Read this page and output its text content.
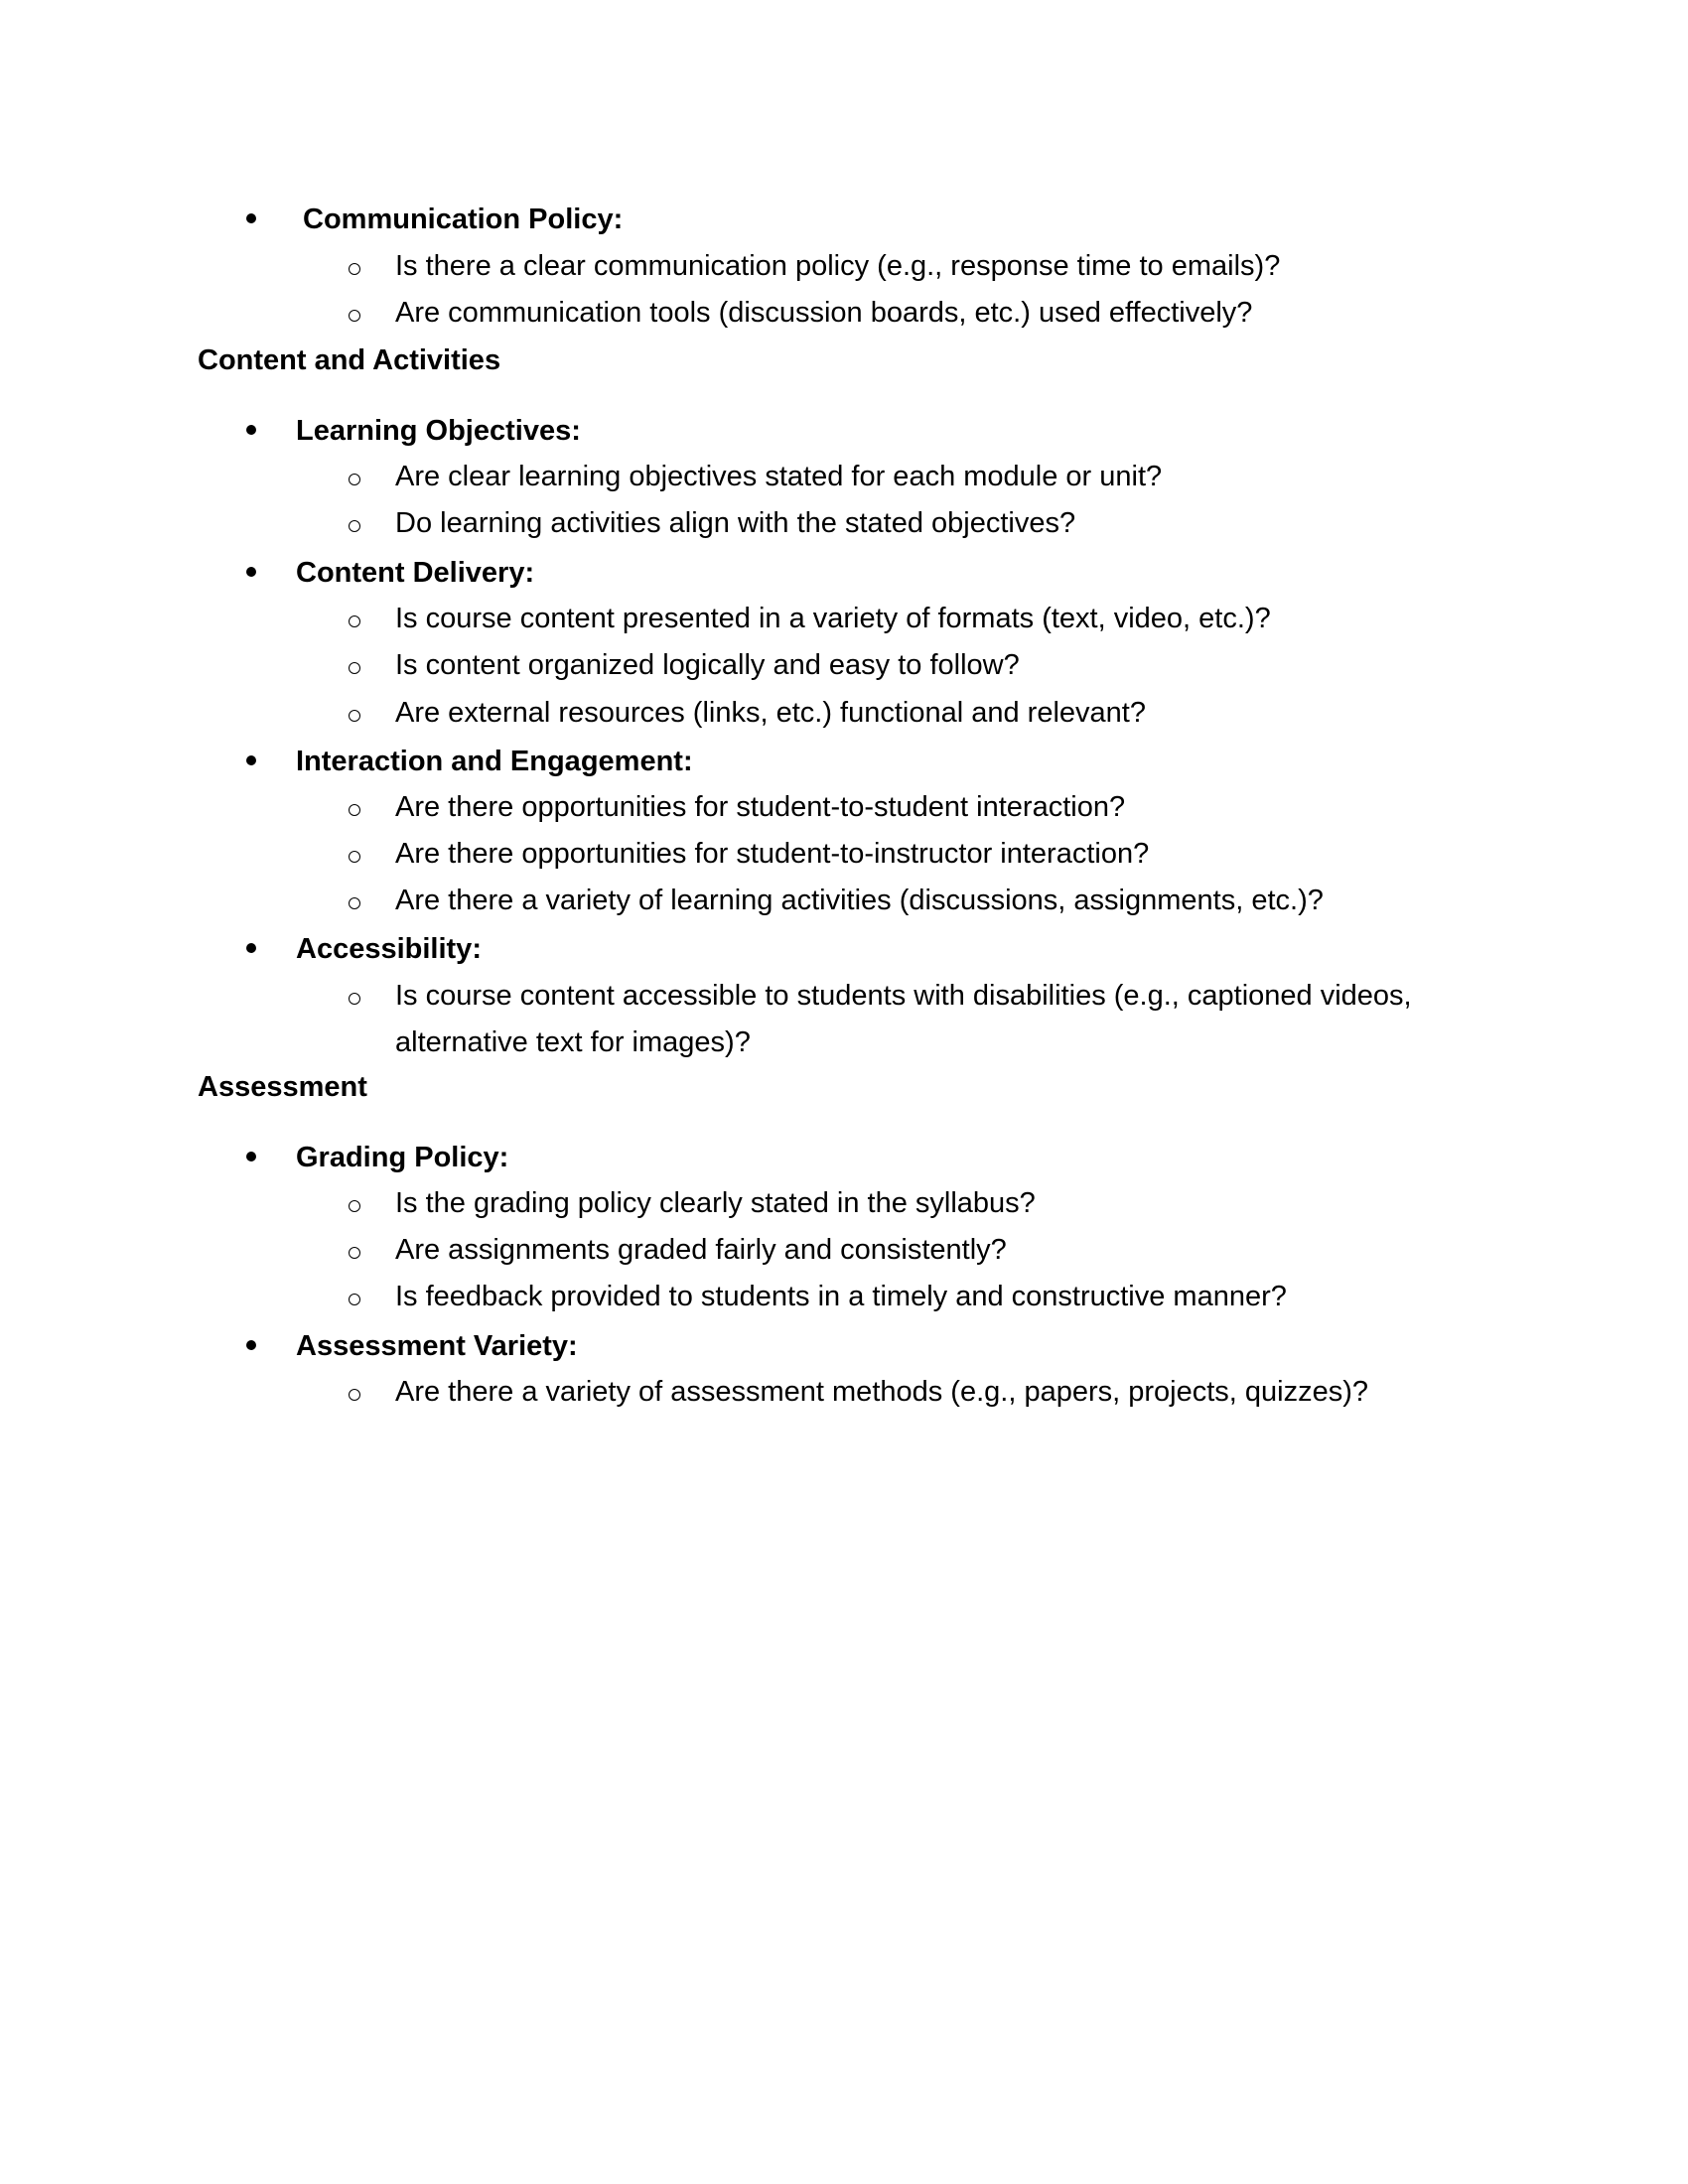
Communication Policy:
Is there a clear communication policy (e.g., response time to emails)?
Are communication tools (discussion boards, etc.) used effectively?
Content and Activities
Learning Objectives:
Are clear learning objectives stated for each module or unit?
Do learning activities align with the stated objectives?
Content Delivery:
Is course content presented in a variety of formats (text, video, etc.)?
Is content organized logically and easy to follow?
Are external resources (links, etc.) functional and relevant?
Interaction and Engagement:
Are there opportunities for student-to-student interaction?
Are there opportunities for student-to-instructor interaction?
Are there a variety of learning activities (discussions, assignments, etc.)?
Accessibility:
Is course content accessible to students with disabilities (e.g., captioned videos,
alternative text for images)?
Assessment
Grading Policy:
Is the grading policy clearly stated in the syllabus?
Are assignments graded fairly and consistently?
Is feedback provided to students in a timely and constructive manner?
Assessment Variety:
Are there a variety of assessment methods (e.g., papers, projects, quizzes)?
